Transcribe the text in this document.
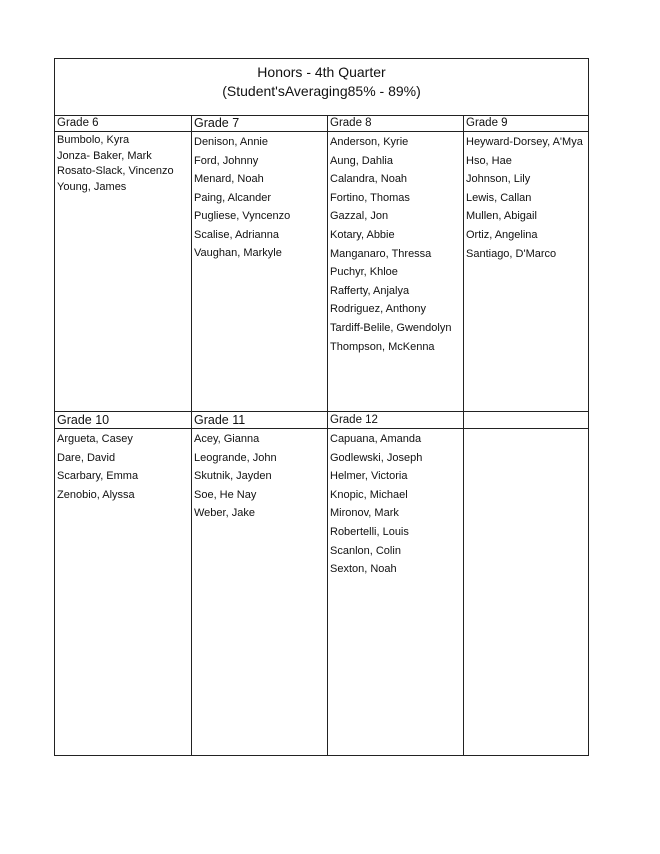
Honors - 4th Quarter
(Student'sAveraging85% - 89%)
Grade 6
Bumbolo, Kyra
Jonza- Baker, Mark
Rosato-Slack, Vincenzo
Young, James
Grade 7
Denison, Annie
Ford, Johnny
Menard, Noah
Paing, Alcander
Pugliese, Vyncenzo
Scalise, Adrianna
Vaughan, Markyle
Grade 8
Anderson, Kyrie
Aung, Dahlia
Calandra, Noah
Fortino, Thomas
Gazzal, Jon
Kotary, Abbie
Manganaro, Thressa
Puchyr, Khloe
Rafferty, Anjalya
Rodriguez, Anthony
Tardiff-Belile, Gwendolyn
Thompson, McKenna
Grade 9
Heyward-Dorsey, A'Mya
Hso, Hae
Johnson, Lily
Lewis, Callan
Mullen, Abigail
Ortiz, Angelina
Santiago, D'Marco
Grade 10
Argueta, Casey
Dare, David
Scarbary, Emma
Zenobio, Alyssa
Grade 11
Acey, Gianna
Leogrande, John
Skutnik, Jayden
Soe, He Nay
Weber, Jake
Grade 12
Capuana, Amanda
Godlewski, Joseph
Helmer, Victoria
Knopic, Michael
Mironov, Mark
Robertelli, Louis
Scanlon, Colin
Sexton, Noah
